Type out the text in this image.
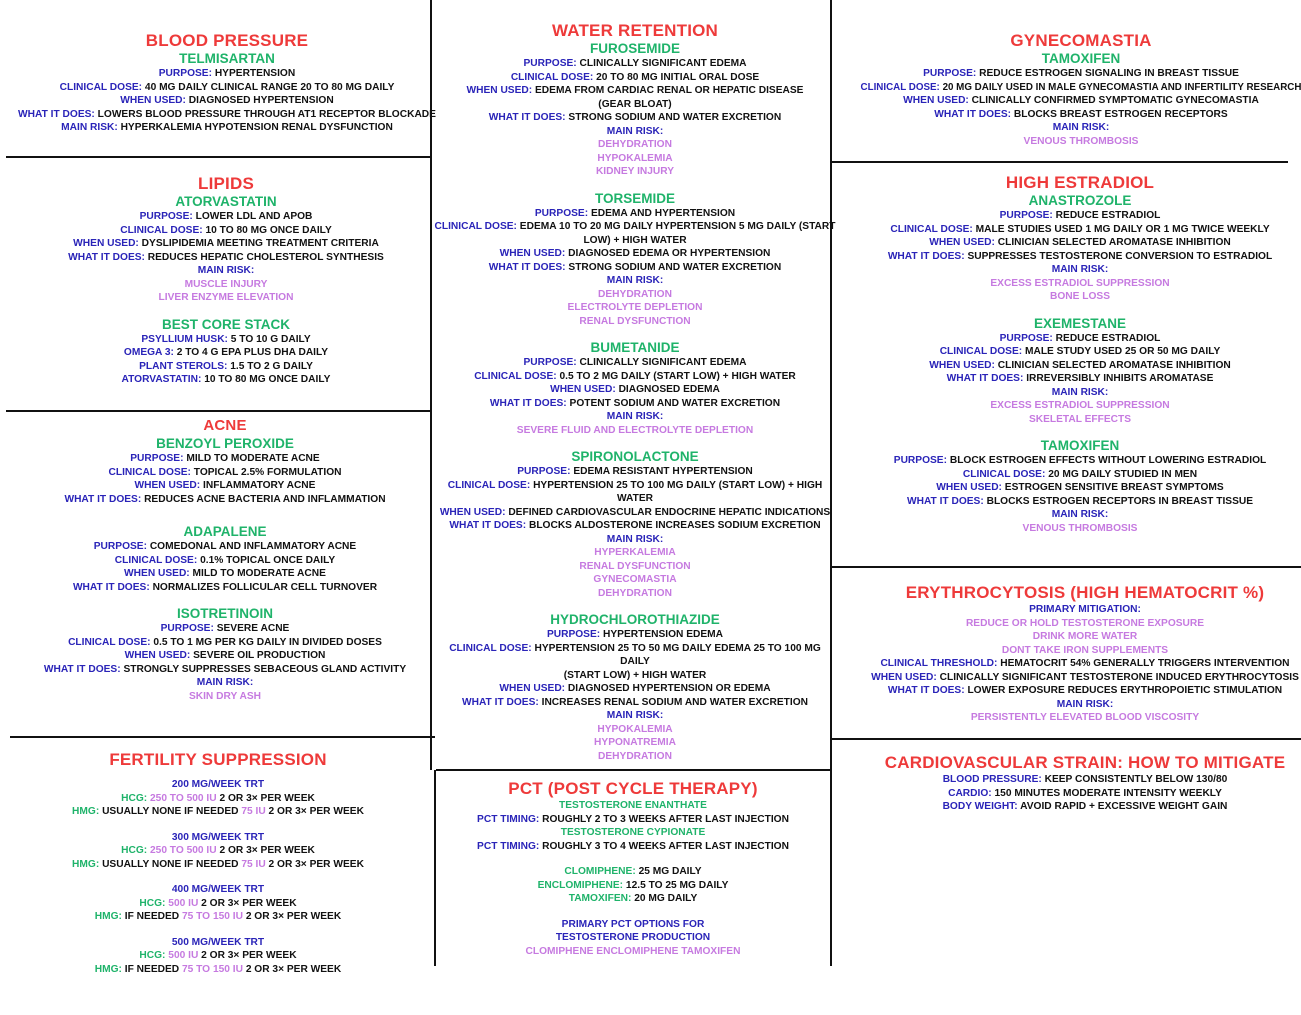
BLOOD PRESSURE
TELMISARTAN
PURPOSE: HYPERTENSION
CLINICAL DOSE: 40 MG DAILY CLINICAL RANGE 20 TO 80 MG DAILY
WHEN USED: DIAGNOSED HYPERTENSION
WHAT IT DOES: LOWERS BLOOD PRESSURE THROUGH AT1 RECEPTOR BLOCKADE
MAIN RISK: HYPERKALEMIA HYPOTENSION RENAL DYSFUNCTION
LIPIDS
ATORVASTATIN
PURPOSE: LOWER LDL AND APOB
CLINICAL DOSE: 10 TO 80 MG ONCE DAILY
WHEN USED: DYSLIPIDEMIA MEETING TREATMENT CRITERIA
WHAT IT DOES: REDUCES HEPATIC CHOLESTEROL SYNTHESIS
MAIN RISK:
MUSCLE INJURY
LIVER ENZYME ELEVATION
BEST CORE STACK
PSYLLIUM HUSK: 5 TO 10 G DAILY
OMEGA 3: 2 TO 4 G EPA PLUS DHA DAILY
PLANT STEROLS: 1.5 TO 2 G DAILY
ATORVASTATIN: 10 TO 80 MG ONCE DAILY
ACNE
BENZOYL PEROXIDE
PURPOSE: MILD TO MODERATE ACNE
CLINICAL DOSE: TOPICAL 2.5% FORMULATION
WHEN USED: INFLAMMATORY ACNE
WHAT IT DOES: REDUCES ACNE BACTERIA AND INFLAMMATION
ADAPALENE
PURPOSE: COMEDONAL AND INFLAMMATORY ACNE
CLINICAL DOSE: 0.1% TOPICAL ONCE DAILY
WHEN USED: MILD TO MODERATE ACNE
WHAT IT DOES: NORMALIZES FOLLICULAR CELL TURNOVER
ISOTRETINOIN
PURPOSE: SEVERE ACNE
CLINICAL DOSE: 0.5 TO 1 MG PER KG DAILY IN DIVIDED DOSES
WHEN USED: SEVERE OIL PRODUCTION
WHAT IT DOES: STRONGLY SUPPRESSES SEBACEOUS GLAND ACTIVITY
MAIN RISK:
SKIN DRY ASH
FERTILITY SUPPRESSION
200 MG/WEEK TRT
HCG: 250 TO 500 IU 2 OR 3× PER WEEK
HMG: USUALLY NONE IF NEEDED 75 IU 2 OR 3× PER WEEK
300 MG/WEEK TRT
HCG: 250 TO 500 IU 2 OR 3× PER WEEK
HMG: USUALLY NONE IF NEEDED 75 IU 2 OR 3× PER WEEK
400 MG/WEEK TRT
HCG: 500 IU 2 OR 3× PER WEEK
HMG: IF NEEDED 75 TO 150 IU 2 OR 3× PER WEEK
500 MG/WEEK TRT
HCG: 500 IU 2 OR 3× PER WEEK
HMG: IF NEEDED 75 TO 150 IU 2 OR 3× PER WEEK
WATER RETENTION
FUROSEMIDE
PURPOSE: CLINICALLY SIGNIFICANT EDEMA
CLINICAL DOSE: 20 TO 80 MG INITIAL ORAL DOSE
WHEN USED: EDEMA FROM CARDIAC RENAL OR HEPATIC DISEASE
(GEAR BLOAT)
WHAT IT DOES: STRONG SODIUM AND WATER EXCRETION
MAIN RISK:
DEHYDRATION
HYPOKALEMIA
KIDNEY INJURY
TORSEMIDE
PURPOSE: EDEMA AND HYPERTENSION
CLINICAL DOSE: EDEMA 10 TO 20 MG DAILY HYPERTENSION 5 MG DAILY (START
LOW) + HIGH WATER
WHEN USED: DIAGNOSED EDEMA OR HYPERTENSION
WHAT IT DOES: STRONG SODIUM AND WATER EXCRETION
MAIN RISK:
DEHYDRATION
ELECTROLYTE DEPLETION
RENAL DYSFUNCTION
BUMETANIDE
PURPOSE: CLINICALLY SIGNIFICANT EDEMA
CLINICAL DOSE: 0.5 TO 2 MG DAILY (START LOW) + HIGH WATER
WHEN USED: DIAGNOSED EDEMA
WHAT IT DOES: POTENT SODIUM AND WATER EXCRETION
MAIN RISK:
SEVERE FLUID AND ELECTROLYTE DEPLETION
SPIRONOLACTONE
PURPOSE: EDEMA RESISTANT HYPERTENSION
CLINICAL DOSE: HYPERTENSION 25 TO 100 MG DAILY (START LOW) + HIGH
WATER
WHEN USED: DEFINED CARDIOVASCULAR ENDOCRINE HEPATIC INDICATIONS
WHAT IT DOES: BLOCKS ALDOSTERONE INCREASES SODIUM EXCRETION
MAIN RISK:
HYPERKALEMIA
RENAL DYSFUNCTION
GYNECOMASTIA
DEHYDRATION
HYDROCHLOROTHIAZIDE
PURPOSE: HYPERTENSION EDEMA
CLINICAL DOSE: HYPERTENSION 25 TO 50 MG DAILY EDEMA 25 TO 100 MG DAILY
(START LOW) + HIGH WATER
WHEN USED: DIAGNOSED HYPERTENSION OR EDEMA
WHAT IT DOES: INCREASES RENAL SODIUM AND WATER EXCRETION
MAIN RISK:
HYPOKALEMIA
HYPONATREMIA
DEHYDRATION
PCT (POST CYCLE THERAPY)
TESTOSTERONE ENANTHATE
PCT TIMING: ROUGHLY 2 TO 3 WEEKS AFTER LAST INJECTION
TESTOSTERONE CYPIONATE
PCT TIMING: ROUGHLY 3 TO 4 WEEKS AFTER LAST INJECTION
CLOMIPHENE: 25 MG DAILY
ENCLOMIPHENE: 12.5 TO 25 MG DAILY
TAMOXIFEN: 20 MG DAILY
PRIMARY PCT OPTIONS FOR
TESTOSTERONE PRODUCTION
CLOMIPHENE ENCLOMIPHENE TAMOXIFEN
GYNECOMASTIA
TAMOXIFEN
PURPOSE: REDUCE ESTROGEN SIGNALING IN BREAST TISSUE
CLINICAL DOSE: 20 MG DAILY USED IN MALE GYNECOMASTIA AND INFERTILITY RESEARCH
WHEN USED: CLINICALLY CONFIRMED SYMPTOMATIC GYNECOMASTIA
WHAT IT DOES: BLOCKS BREAST ESTROGEN RECEPTORS
MAIN RISK:
VENOUS THROMBOSIS
HIGH ESTRADIOL
ANASTROZOLE
PURPOSE: REDUCE ESTRADIOL
CLINICAL DOSE: MALE STUDIES USED 1 MG DAILY OR 1 MG TWICE WEEKLY
WHEN USED: CLINICIAN SELECTED AROMATASE INHIBITION
WHAT IT DOES: SUPPRESSES TESTOSTERONE CONVERSION TO ESTRADIOL
MAIN RISK:
EXCESS ESTRADIOL SUPPRESSION
BONE LOSS
EXEMESTANE
PURPOSE: REDUCE ESTRADIOL
CLINICAL DOSE: MALE STUDY USED 25 OR 50 MG DAILY
WHEN USED: CLINICIAN SELECTED AROMATASE INHIBITION
WHAT IT DOES: IRREVERSIBLY INHIBITS AROMATASE
MAIN RISK:
EXCESS ESTRADIOL SUPPRESSION
SKELETAL EFFECTS
TAMOXIFEN
PURPOSE: BLOCK ESTROGEN EFFECTS WITHOUT LOWERING ESTRADIOL
CLINICAL DOSE: 20 MG DAILY STUDIED IN MEN
WHEN USED: ESTROGEN SENSITIVE BREAST SYMPTOMS
WHAT IT DOES: BLOCKS ESTROGEN RECEPTORS IN BREAST TISSUE
MAIN RISK:
VENOUS THROMBOSIS
ERYTHROCYTOSIS (HIGH HEMATOCRIT %)
PRIMARY MITIGATION:
REDUCE OR HOLD TESTOSTERONE EXPOSURE
DRINK MORE WATER
DONT TAKE IRON SUPPLEMENTS
CLINICAL THRESHOLD: HEMATOCRIT 54% GENERALLY TRIGGERS INTERVENTION
WHEN USED: CLINICALLY SIGNIFICANT TESTOSTERONE INDUCED ERYTHROCYTOSIS
WHAT IT DOES: LOWER EXPOSURE REDUCES ERYTHROPOIETIC STIMULATION
MAIN RISK:
PERSISTENTLY ELEVATED BLOOD VISCOSITY
CARDIOVASCULAR STRAIN: HOW TO MITIGATE
BLOOD PRESSURE: KEEP CONSISTENTLY BELOW 130/80
CARDIO: 150 MINUTES MODERATE INTENSITY WEEKLY
BODY WEIGHT: AVOID RAPID + EXCESSIVE WEIGHT GAIN
